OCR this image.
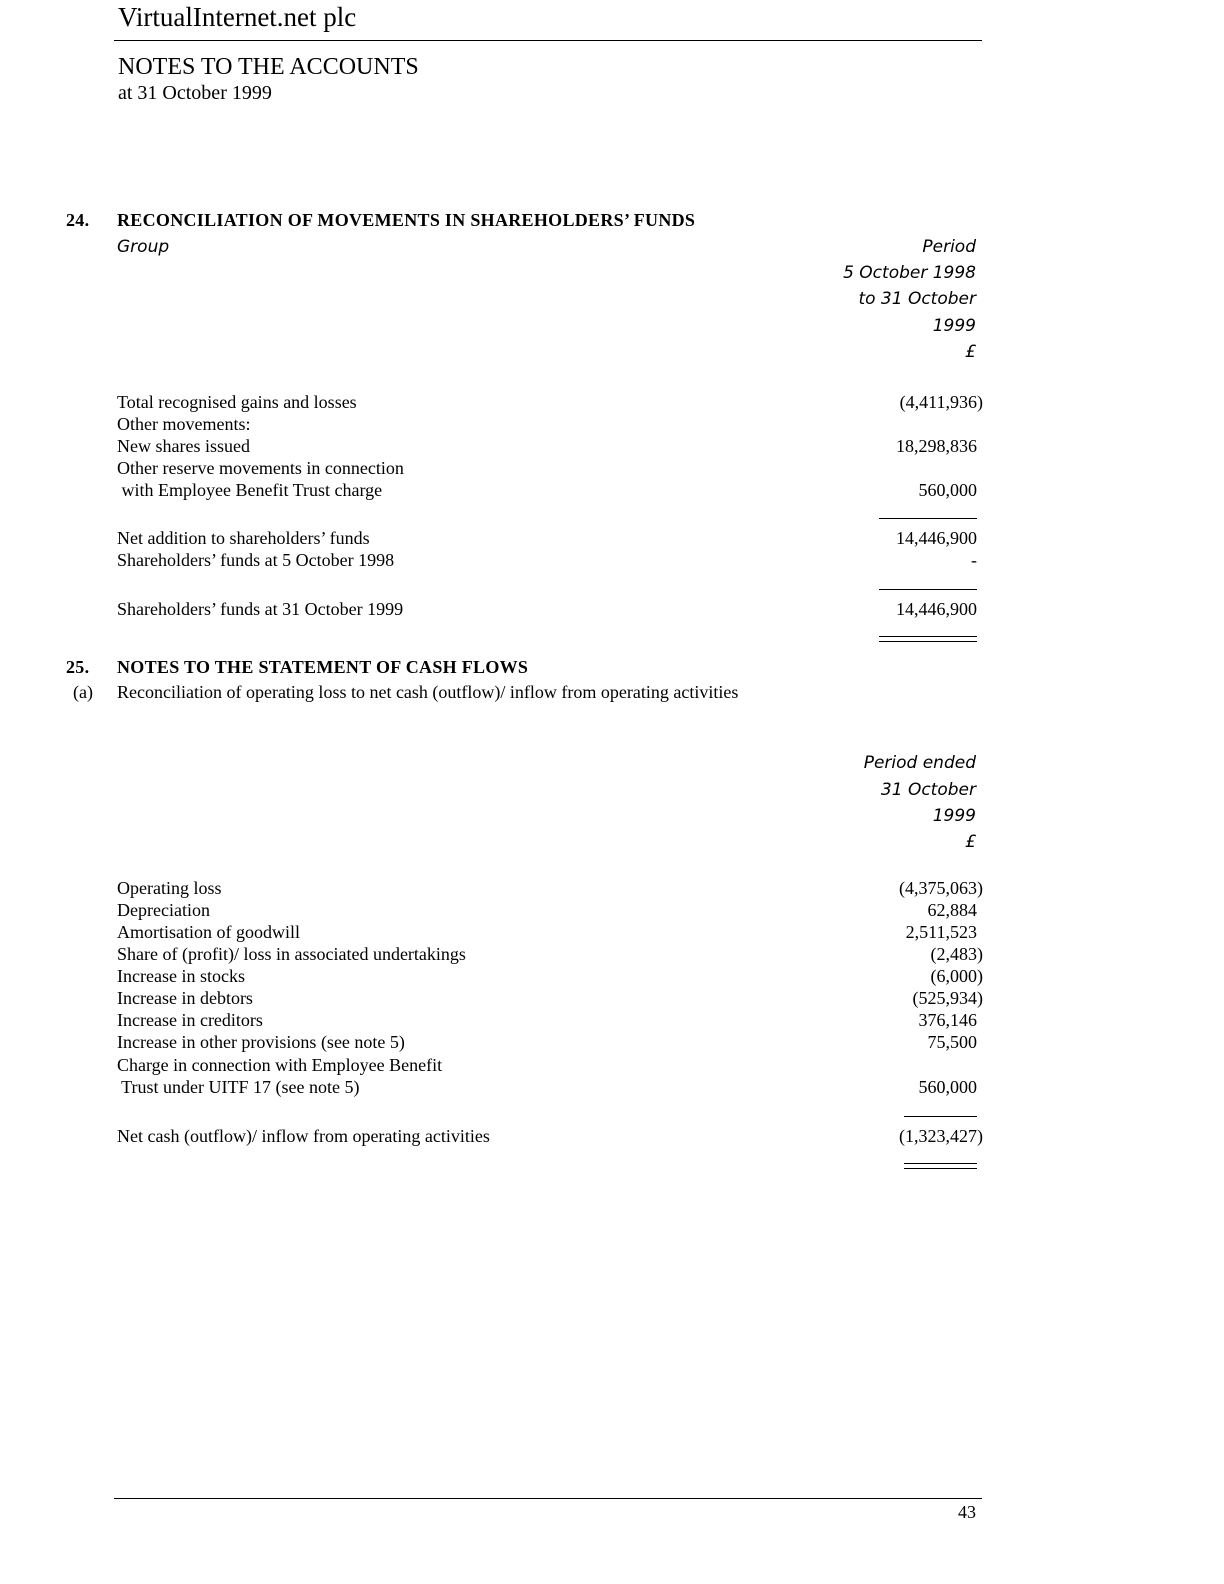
VirtualInternet.net plc
NOTES TO THE ACCOUNTS
at 31 October 1999
24. RECONCILIATION OF MOVEMENTS IN SHAREHOLDERS’ FUNDS
Group	Period
5 October 1998
to 31 October
1999
£
Total recognised gains and losses	(4,411,936)
Other movements:
New shares issued	18,298,836
Other reserve movements in connection
with Employee Benefit Trust charge	560,000
Net addition to shareholders’ funds	14,446,900
Shareholders’ funds at 5 October 1998	-
Shareholders’ funds at 31 October 1999	14,446,900
25. NOTES TO THE STATEMENT OF CASH FLOWS
(a) Reconciliation of operating loss to net cash (outflow)/ inflow from operating activities
Period ended
31 October
1999
£
Operating loss	(4,375,063)
Depreciation	62,884
Amortisation of goodwill	2,511,523
Share of (profit)/ loss in associated undertakings	(2,483)
Increase in stocks	(6,000)
Increase in debtors	(525,934)
Increase in creditors	376,146
Increase in other provisions (see note 5)	75,500
Charge in connection with Employee Benefit
Trust under UITF 17 (see note 5)	560,000
Net cash (outflow)/ inflow from operating activities	(1,323,427)
43
